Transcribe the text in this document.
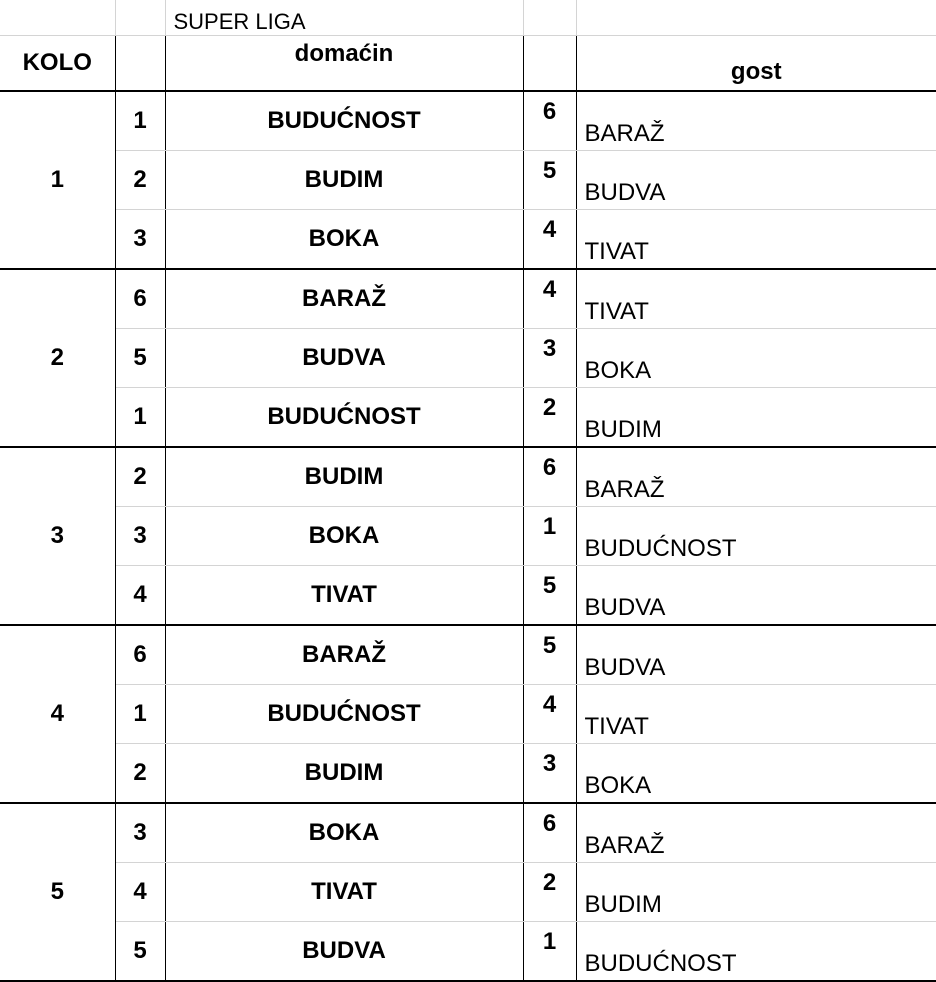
		SUPER LIGA		
KOLO		domaćin		gost
1	1	BUDUĆNOST	6	BARAŽ
	2	BUDIM	5	BUDVA
	3	BOKA	4	TIVAT
2	6	BARAŽ	4	TIVAT
	5	BUDVA	3	BOKA
	1	BUDUĆNOST	2	BUDIM
3	2	BUDIM	6	BARAŽ
	3	BOKA	1	BUDUĆNOST
	4	TIVAT	5	BUDVA
4	6	BARAŽ	5	BUDVA
	1	BUDUĆNOST	4	TIVAT
	2	BUDIM	3	BOKA
5	3	BOKA	6	BARAŽ
	4	TIVAT	2	BUDIM
	5	BUDVA	1	BUDUĆNOST
